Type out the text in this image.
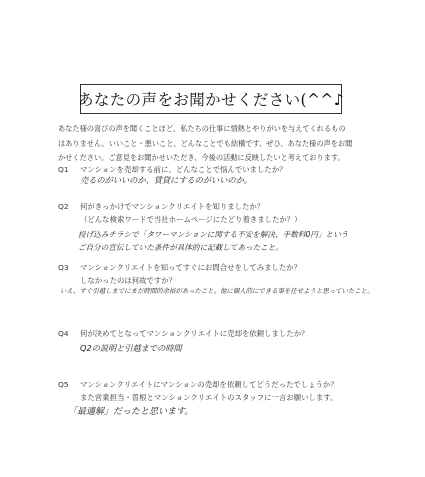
あなたの声をお聞かせください(^^♪
あなた様の喜びの声を聞くことほど、私たちの仕事に情熱とやりがいを与えてくれるもの
はありません。いいこと・悪いこと、どんなことでも結構です。ぜひ、あなた様の声をお聞
かせください。ご意見をお聞かせいただき、今後の活動に反映したいと考えております。
Q1 マンションを売却する前に、どんなことで悩んでいましたか？
売るのがいいのか、賃貸にするのがいいのか。
Q2 何がきっかけでマンションクリエイトを知りましたか？
（どんな検索ワードで当社ホームページにたどり着きましたか？）
投げ込みチラシで「タワーマンションに関する不安を解決、手数料0円」という
ご自分の宣伝していた条件が具体的に記載してあったこと。
Q3 マンションクリエイトを知ってすぐにお問合せをしてみましたか？
しなかったのは何故ですか？
いえ、すぐ引越しまでにまだ時間的余裕があったこと。他に個人的にできる事を任せようと思っていたこと。
Q4 何が決めてとなってマンションクリエイトに売却を依頼しましたか？
Q2の説明と引越までの時間
Q5 マンションクリエイトにマンションの売却を依頼してどうだったでしょうか？
また営業担当・曽根とマンションクリエイトのスタッフに一言お願いします。
「最適解」だったと思います。
